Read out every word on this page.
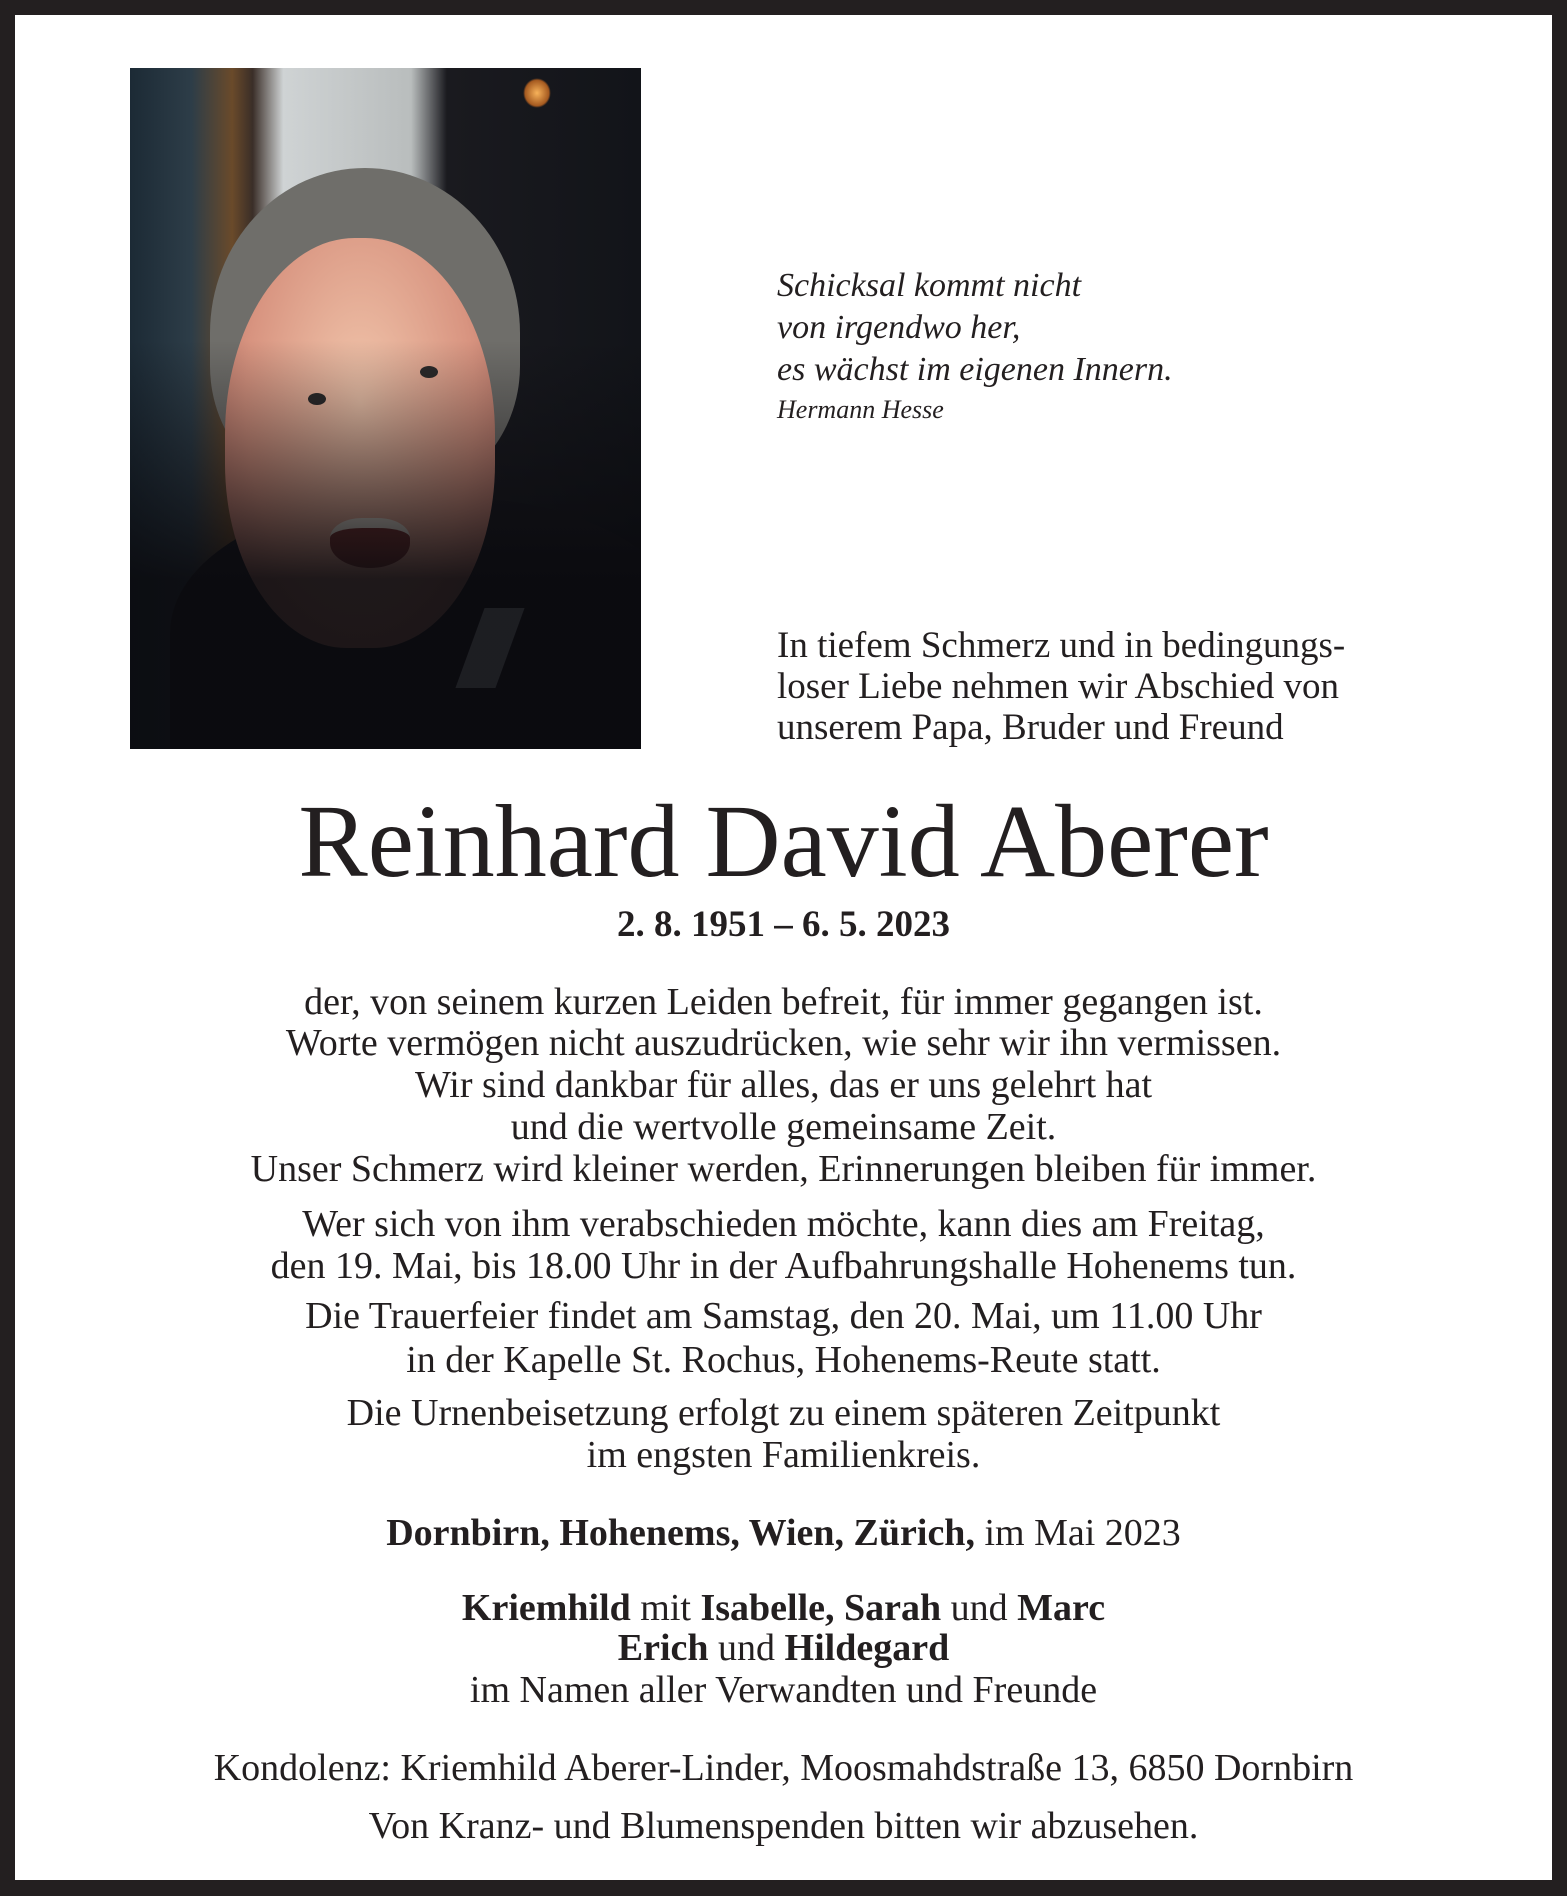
Schicksal kommt nicht
von irgendwo her,
es wächst im eigenen Innern.
Hermann Hesse
In tiefem Schmerz und in bedingungs-
loser Liebe nehmen wir Abschied von
unserem Papa, Bruder und Freund
Reinhard David Aberer
2. 8. 1951 – 6. 5. 2023
der, von seinem kurzen Leiden befreit, für immer gegangen ist.
Worte vermögen nicht auszudrücken, wie sehr wir ihn vermissen.
Wir sind dankbar für alles, das er uns gelehrt hat
und die wertvolle gemeinsame Zeit.
Unser Schmerz wird kleiner werden, Erinnerungen bleiben für immer.
Wer sich von ihm verabschieden möchte, kann dies am Freitag,
den 19. Mai, bis 18.00 Uhr in der Aufbahrungshalle Hohenems tun.
Die Trauerfeier findet am Samstag, den 20. Mai, um 11.00 Uhr
in der Kapelle St. Rochus, Hohenems-Reute statt.
Die Urnenbeisetzung erfolgt zu einem späteren Zeitpunkt
im engsten Familienkreis.
Dornbirn, Hohenems, Wien, Zürich, im Mai 2023
Kriemhild mit Isabelle, Sarah und Marc
Erich und Hildegard
im Namen aller Verwandten und Freunde
Kondolenz: Kriemhild Aberer-Linder, Moosmahdstraße 13, 6850 Dornbirn
Von Kranz- und Blumenspenden bitten wir abzusehen.
